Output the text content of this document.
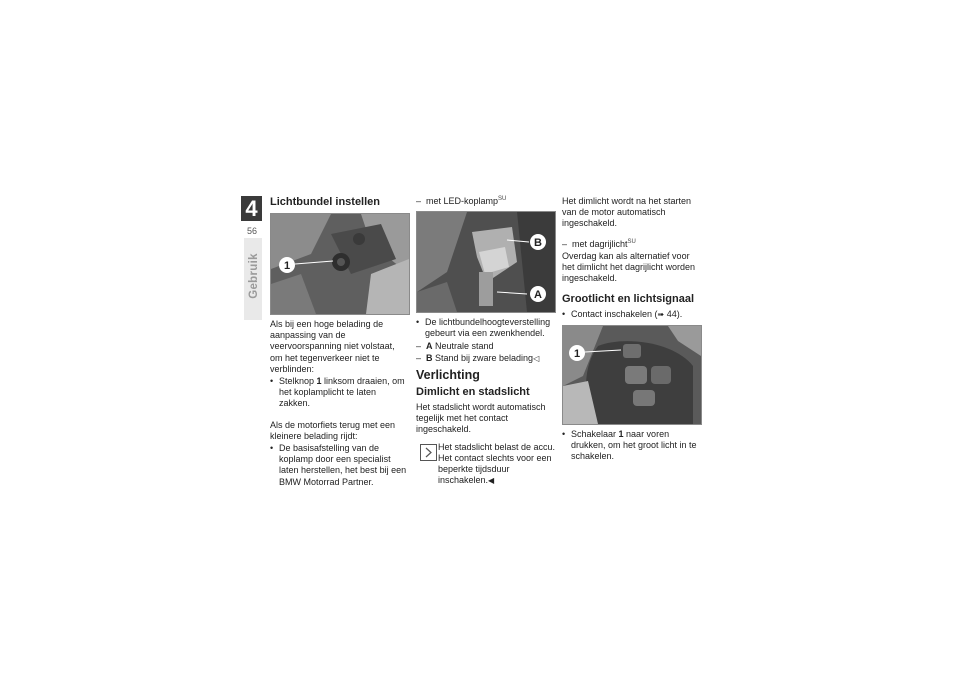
4
56
Gebruik
Lichtbundel instellen
1

Als bij een hoge belading de aanpassing van de veervoorspanning niet volstaat, om het tegenverkeer niet te verblinden:

• Stelknop 1 linksom draaien, om het koplamplicht te laten zakken.

Als de motorfiets terug met een kleinere belading rijdt:

• De basisafstelling van de koplamp door een specialist laten herstellen, het best bij een BMW Motorrad Partner.
– met LED-koplamp$^{SU}$
B
A
• De lichtbundelhoogteverstelling gebeurt via een zwenkhendel.
– A Neutrale stand
– B Stand bij zware belading◁
Verlichting
Dimlicht en stadslicht

Het stadslicht wordt automatisch tegelijk met het contact ingeschakeld.

Het stadslicht belast de accu. Het contact slechts voor een beperkte tijdsduur inschakelen.◀

Het dimlicht wordt na het starten van de motor automatisch ingeschakeld.

– met dagrijlicht$^{SU}$

Overdag kan als alternatief voor het dimlicht het dagrijlicht worden ingeschakeld.

Grootlicht en lichtsignaal
• Contact inschakelen (➠ 44).
1
• Schakelaar 1 naar voren drukken, om het groot licht in te schakelen.
